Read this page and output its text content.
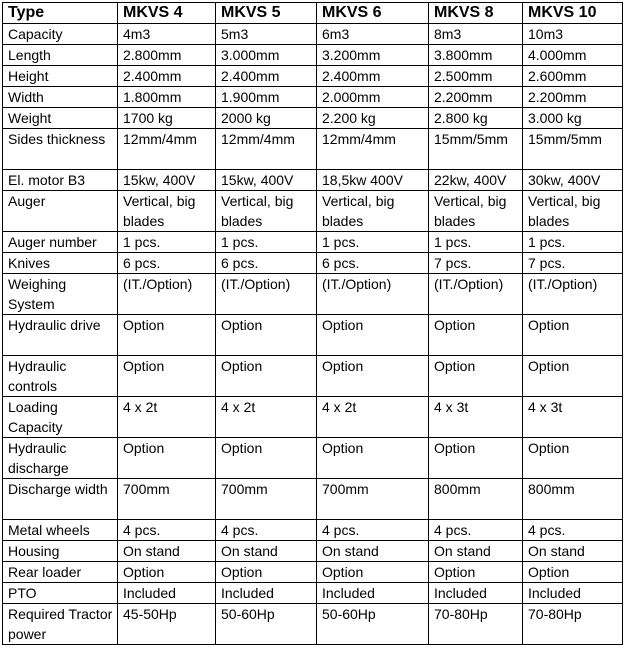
Type	MKVS 4	MKVS 5	MKVS 6	MKVS 8	MKVS 10
Capacity	4m3	5m3	6m3	8m3	10m3
Length	2.800mm	3.000mm	3.200mm	3.800mm	4.000mm
Height	2.400mm	2.400mm	2.400mm	2.500mm	2.600mm
Width	1.800mm	1.900mm	2.000mm	2.200mm	2.200mm
Weight	1700 kg	2000 kg	2.200 kg	2.800 kg	3.000 kg
Sides thickness	12mm/4mm	12mm/4mm	12mm/4mm	15mm/5mm	15mm/5mm
El. motor B3	15kw, 400V	15kw, 400V	18,5kw 400V	22kw, 400V	30kw, 400V
Auger	Vertical, big blades	Vertical, big blades	Vertical, big blades	Vertical, big blades	Vertical, big blades
Auger number	1 pcs.	1 pcs.	1 pcs.	1 pcs.	1 pcs.
Knives	6 pcs.	6 pcs.	6 pcs.	7 pcs.	7 pcs.
Weighing System	(IT./Option)	(IT./Option)	(IT./Option)	(IT./Option)	(IT./Option)
Hydraulic drive	Option	Option	Option	Option	Option
Hydraulic controls	Option	Option	Option	Option	Option
Loading Capacity	4 x 2t	4 x 2t	4 x 2t	4 x 3t	4 x 3t
Hydraulic discharge	Option	Option	Option	Option	Option
Discharge width	700mm	700mm	700mm	800mm	800mm
Metal wheels	4 pcs.	4 pcs.	4 pcs.	4 pcs.	4 pcs.
Housing	On stand	On stand	On stand	On stand	On stand
Rear loader	Option	Option	Option	Option	Option
PTO	Included	Included	Included	Included	Included
Required Tractor power	45-50Hp	50-60Hp	50-60Hp	70-80Hp	70-80Hp
